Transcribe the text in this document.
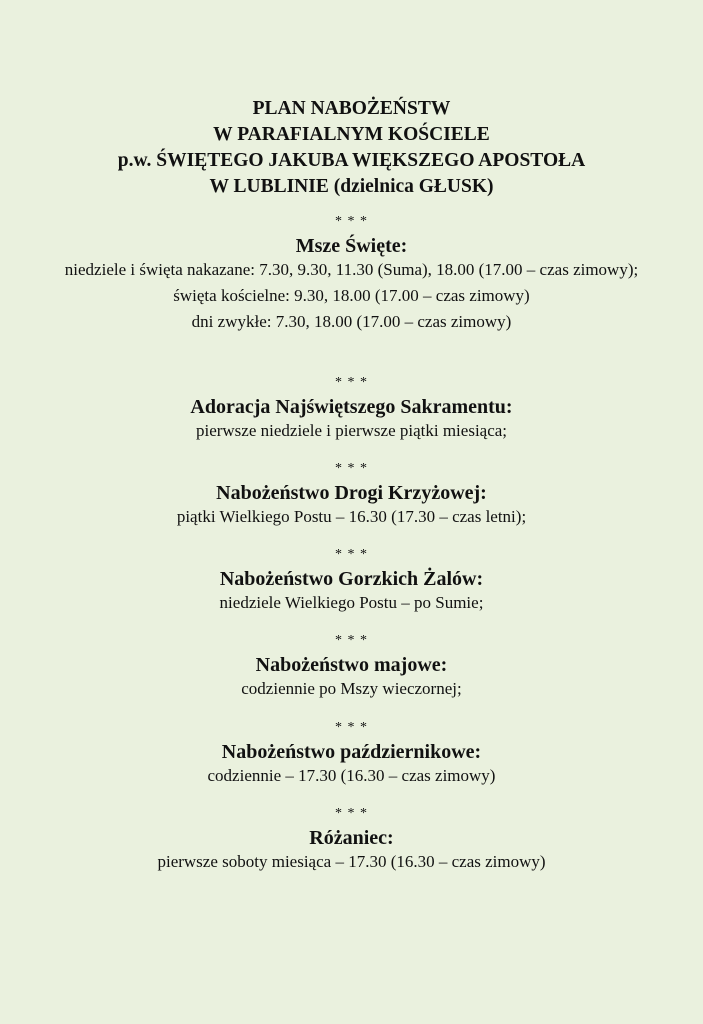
PLAN NABOŻEŃSTW
W PARAFIALNYM KOŚCIELE
p.w. ŚWIĘTEGO JAKUBA WIĘKSZEGO APOSTOŁA
W LUBLINIE (dzielnica GŁUSK)
* * *
Msze Święte:
niedziele i święta nakazane: 7.30, 9.30, 11.30 (Suma), 18.00 (17.00 – czas zimowy);
święta kościelne: 9.30, 18.00 (17.00 – czas zimowy)
dni zwykłe: 7.30, 18.00 (17.00 – czas zimowy)
* * *
Adoracja Najświętszego Sakramentu:
pierwsze niedziele i pierwsze piątki miesiąca;
* * *
Nabożeństwo Drogi Krzyżowej:
piątki Wielkiego Postu – 16.30 (17.30 – czas letni);
* * *
Nabożeństwo Gorzkich Żalów:
niedziele Wielkiego Postu – po Sumie;
* * *
Nabożeństwo majowe:
codziennie po Mszy wieczornej;
* * *
Nabożeństwo październikowe:
codziennie – 17.30 (16.30 – czas zimowy)
* * *
Różaniec:
pierwsze soboty miesiąca – 17.30 (16.30 – czas zimowy)
